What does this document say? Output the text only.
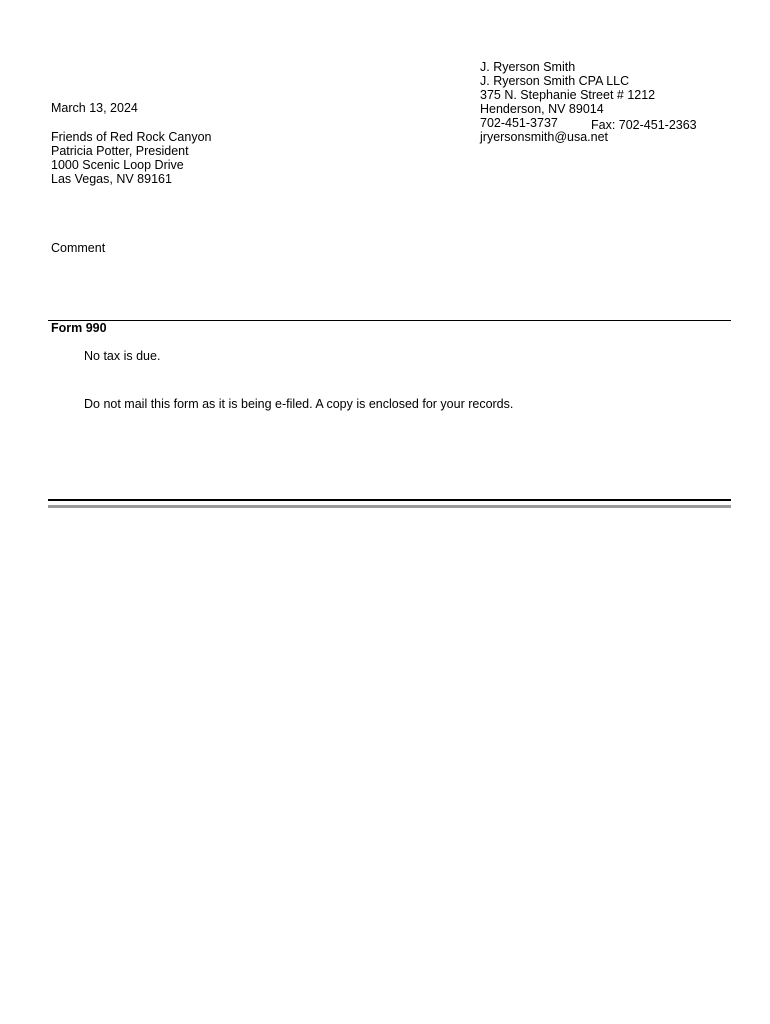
J. Ryerson Smith
J. Ryerson Smith CPA LLC
375 N. Stephanie Street # 1212
Henderson, NV 89014
702-451-3737	Fax: 702-451-2363
jryersonsmith@usa.net
March 13, 2024
Friends of Red Rock Canyon
Patricia Potter, President
1000 Scenic Loop Drive
Las Vegas, NV 89161
Comment
Form 990
No tax is due.
Do not mail this form as it is being e-filed. A copy is enclosed for your records.
